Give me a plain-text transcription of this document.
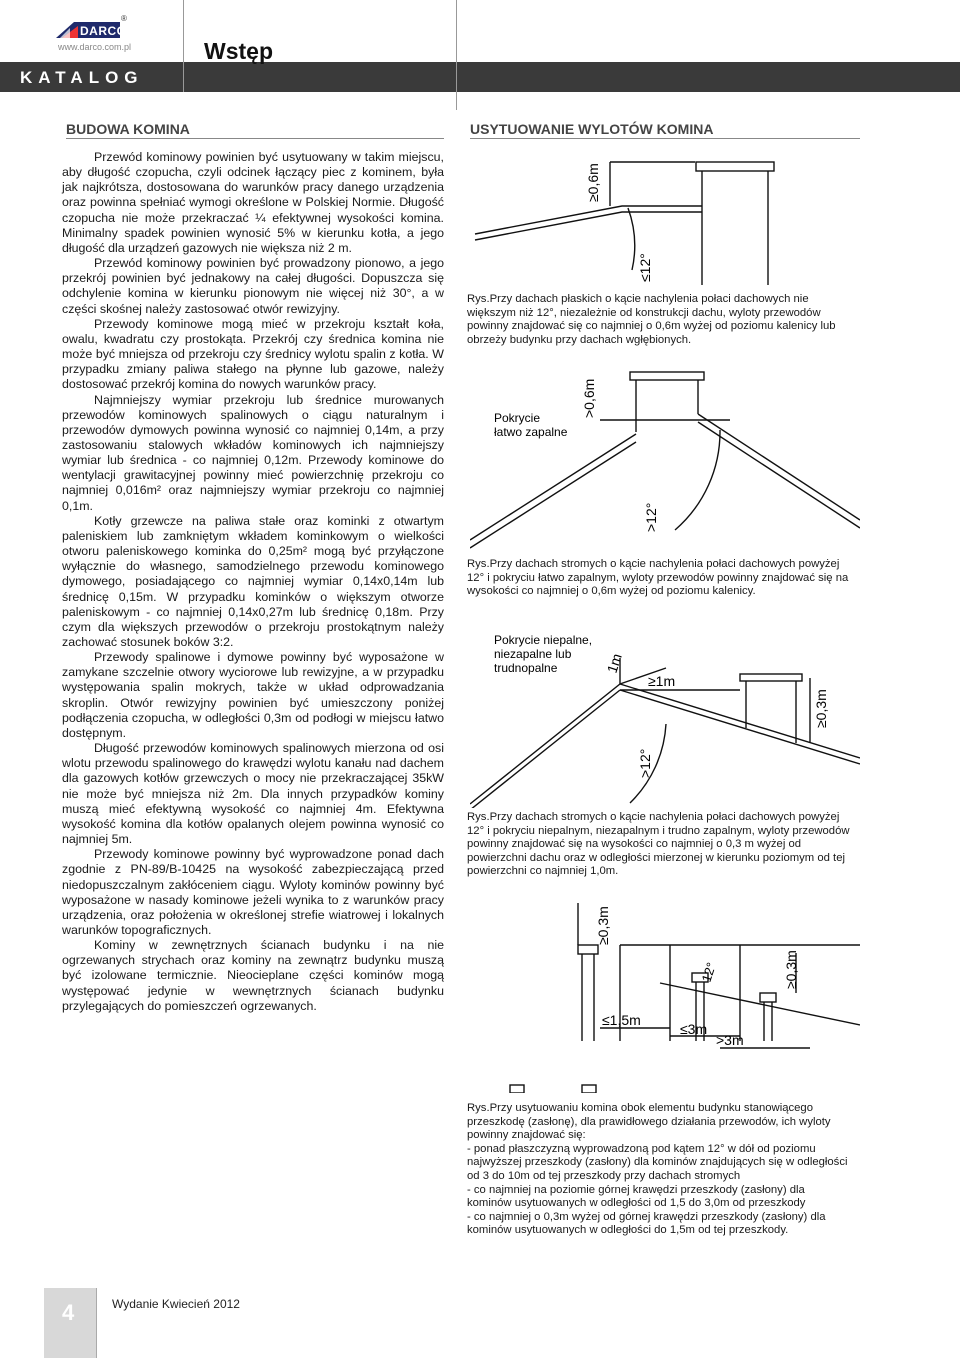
DARCO
®
www.darco.com.pl
KATALOG
Wstęp
BUDOWA KOMINA

Przewód kominowy powinien być usytuowany w takim miejscu, aby długość czopucha, czyli odcinek łączący piec z kominem, była jak najkrótsza, dostosowana do warunków pracy danego urządzenia oraz powinna spełniać wymogi określone w Polskiej Normie. Długość czopucha nie może przekraczać ¼ efektywnej wysokości komina. Minimalny spadek powinien wynosić 5% w kierunku kotła, a jego długość dla urządzeń gazowych nie większa niż 2 m.

Przewód kominowy powinien być prowadzony pionowo, a jego przekrój powinien być jednakowy na całej długości. Dopuszcza się odchylenie komina w kierunku pionowym nie więcej niż 30°, a w części skośnej należy zastosować otwór rewizyjny.

Przewody kominowe mogą mieć w przekroju kształt koła, owalu, kwadratu czy prostokąta. Przekrój czy średnica komina nie może być mniejsza od przekroju czy średnicy wylotu spalin z kotła. W przypadku zmiany paliwa stałego na płynne lub gazowe, należy dostosować przekrój komina do nowych warunków pracy.

Najmniejszy wymiar przekroju lub średnice murowanych przewodów kominowych spalinowych o ciągu naturalnym i przewodów dymowych powinna wynosić co najmniej 0,14m, a przy zastosowaniu stalowych wkładów kominowych ich najmniejszy wymiar lub średnica - co najmniej 0,12m. Przewody kominowe do wentylacji grawitacyjnej powinny mieć powierzchnię przekroju co najmniej 0,016m² oraz najmniejszy wymiar przekroju co najmniej 0,1m.

Kotły grzewcze na paliwa stałe oraz kominki z otwartym paleniskiem lub zamkniętym wkładem kominkowym o wielkości otworu paleniskowego kominka do 0,25m² mogą być przyłączone wyłącznie do własnego, samodzielnego przewodu kominowego dymowego, posiadającego co najmniej wymiar 0,14x0,14m lub średnicę 0,15m. W przypadku kominków o większym otworze paleniskowym - co najmniej 0,14x0,27m lub średnicę 0,18m. Przy czym dla większych przewodów o przekroju prostokątnym należy zachować stosunek boków 3:2.

Przewody spalinowe i dymowe powinny być wyposażone w zamykane szczelnie otwory wyciorowe lub rewizyjne, a w przypadku występowania spalin mokrych, także w układ odprowadzania skroplin. Otwór rewizyjny powinien być umieszczony poniżej podłączenia czopucha, w odległości 0,3m od podłogi w miejscu łatwo dostępnym.

Długość przewodów kominowych spalinowych mierzona od osi wlotu przewodu spalinowego do krawędzi wylotu kanału nad dachem dla gazowych kotłów grzewczych o mocy nie przekraczającej 35kW nie może być mniejsza niż 2m. Dla innych przypadków kominy muszą mieć efektywną wysokość co najmniej 4m. Efektywna wysokość komina dla kotłów opalanych olejem powinna wynosić co najmniej 5m.

Przewody kominowe powinny być wyprowadzone ponad dach zgodnie z PN-89/B-10425 na wysokość zabezpieczającą przed niedopuszczalnym zakłóceniem ciągu. Wyloty kominów powinny być wyposażone w nasady kominowe jeżeli wynika to z warunków pracy urządzenia, oraz położenia w określonej strefie wiatrowej i lokalnych warunków topograficznych.

Kominy w zewnętrznych ścianach budynku i na nie ogrzewanych strychach oraz kominy na zewnątrz budynku muszą być izolowane termicznie. Nieocieplane części kominów mogą występować jedynie w wewnętrznych ścianach budynku przylegających do pomieszczeń ogrzewanych.

USYTUOWANIE WYLOTÓW KOMINA
≥0,6m
≤12°
Rys.Przy dachach płaskich o kącie nachylenia połaci dachowych nie większym niż 12°, niezależnie od konstrukcji dachu, wyloty przewodów powinny znajdować się co najmniej o 0,6m wyżej od poziomu kalenicy lub obrzeży budynku przy dachach wgłębionych.
>0,6m
>12°
Pokrycie
łatwo zapalne
Rys.Przy dachach stromych o kącie nachylenia połaci dachowych powyżej 12° i pokryciu łatwo zapalnym, wyloty przewodów powinny znajdować się na wysokości co najmniej o 0,6m wyżej od poziomu kalenicy.
1m
≥1m
≥0,3m
>12°
Pokrycie niepalne,
niezapalne lub
trudnopalne
Rys.Przy dachach stromych o kącie nachylenia połaci dachowych powyżej 12° i pokryciu niepalnym, niezapalnym i trudno zapalnym, wyloty przewodów powinny znajdować się na wysokości co najmniej o 0,3 m wyżej od powierzchni dachu oraz w odległości mierzonej w kierunku poziomym od tej powierzchni co najmniej 1,0m.
≥0,3m
≥0,3m
12°
≤1,5m
≤3m
>3m
Rys.Przy usytuowaniu komina obok elementu budynku stanowiącego przeszkodę (zasłonę), dla prawidłowego działania przewodów, ich wyloty powinny znajdować się:
- ponad płaszczyzną wyprowadzoną pod kątem 12° w dół od poziomu najwyższej przeszkody (zasłony) dla kominów znajdujących się w odległości od 3 do 10m od tej przeszkody przy dachach stromych
- co najmniej na poziomie górnej krawędzi przeszkody (zasłony) dla kominów usytuowanych w odległości od 1,5 do 3,0m od przeszkody
- co najmniej o 0,3m wyżej od górnej krawędzi przeszkody (zasłony) dla kominów usytuowanych w odległości do 1,5m od tej przeszkody.
4	Wydanie Kwiecień 2012
